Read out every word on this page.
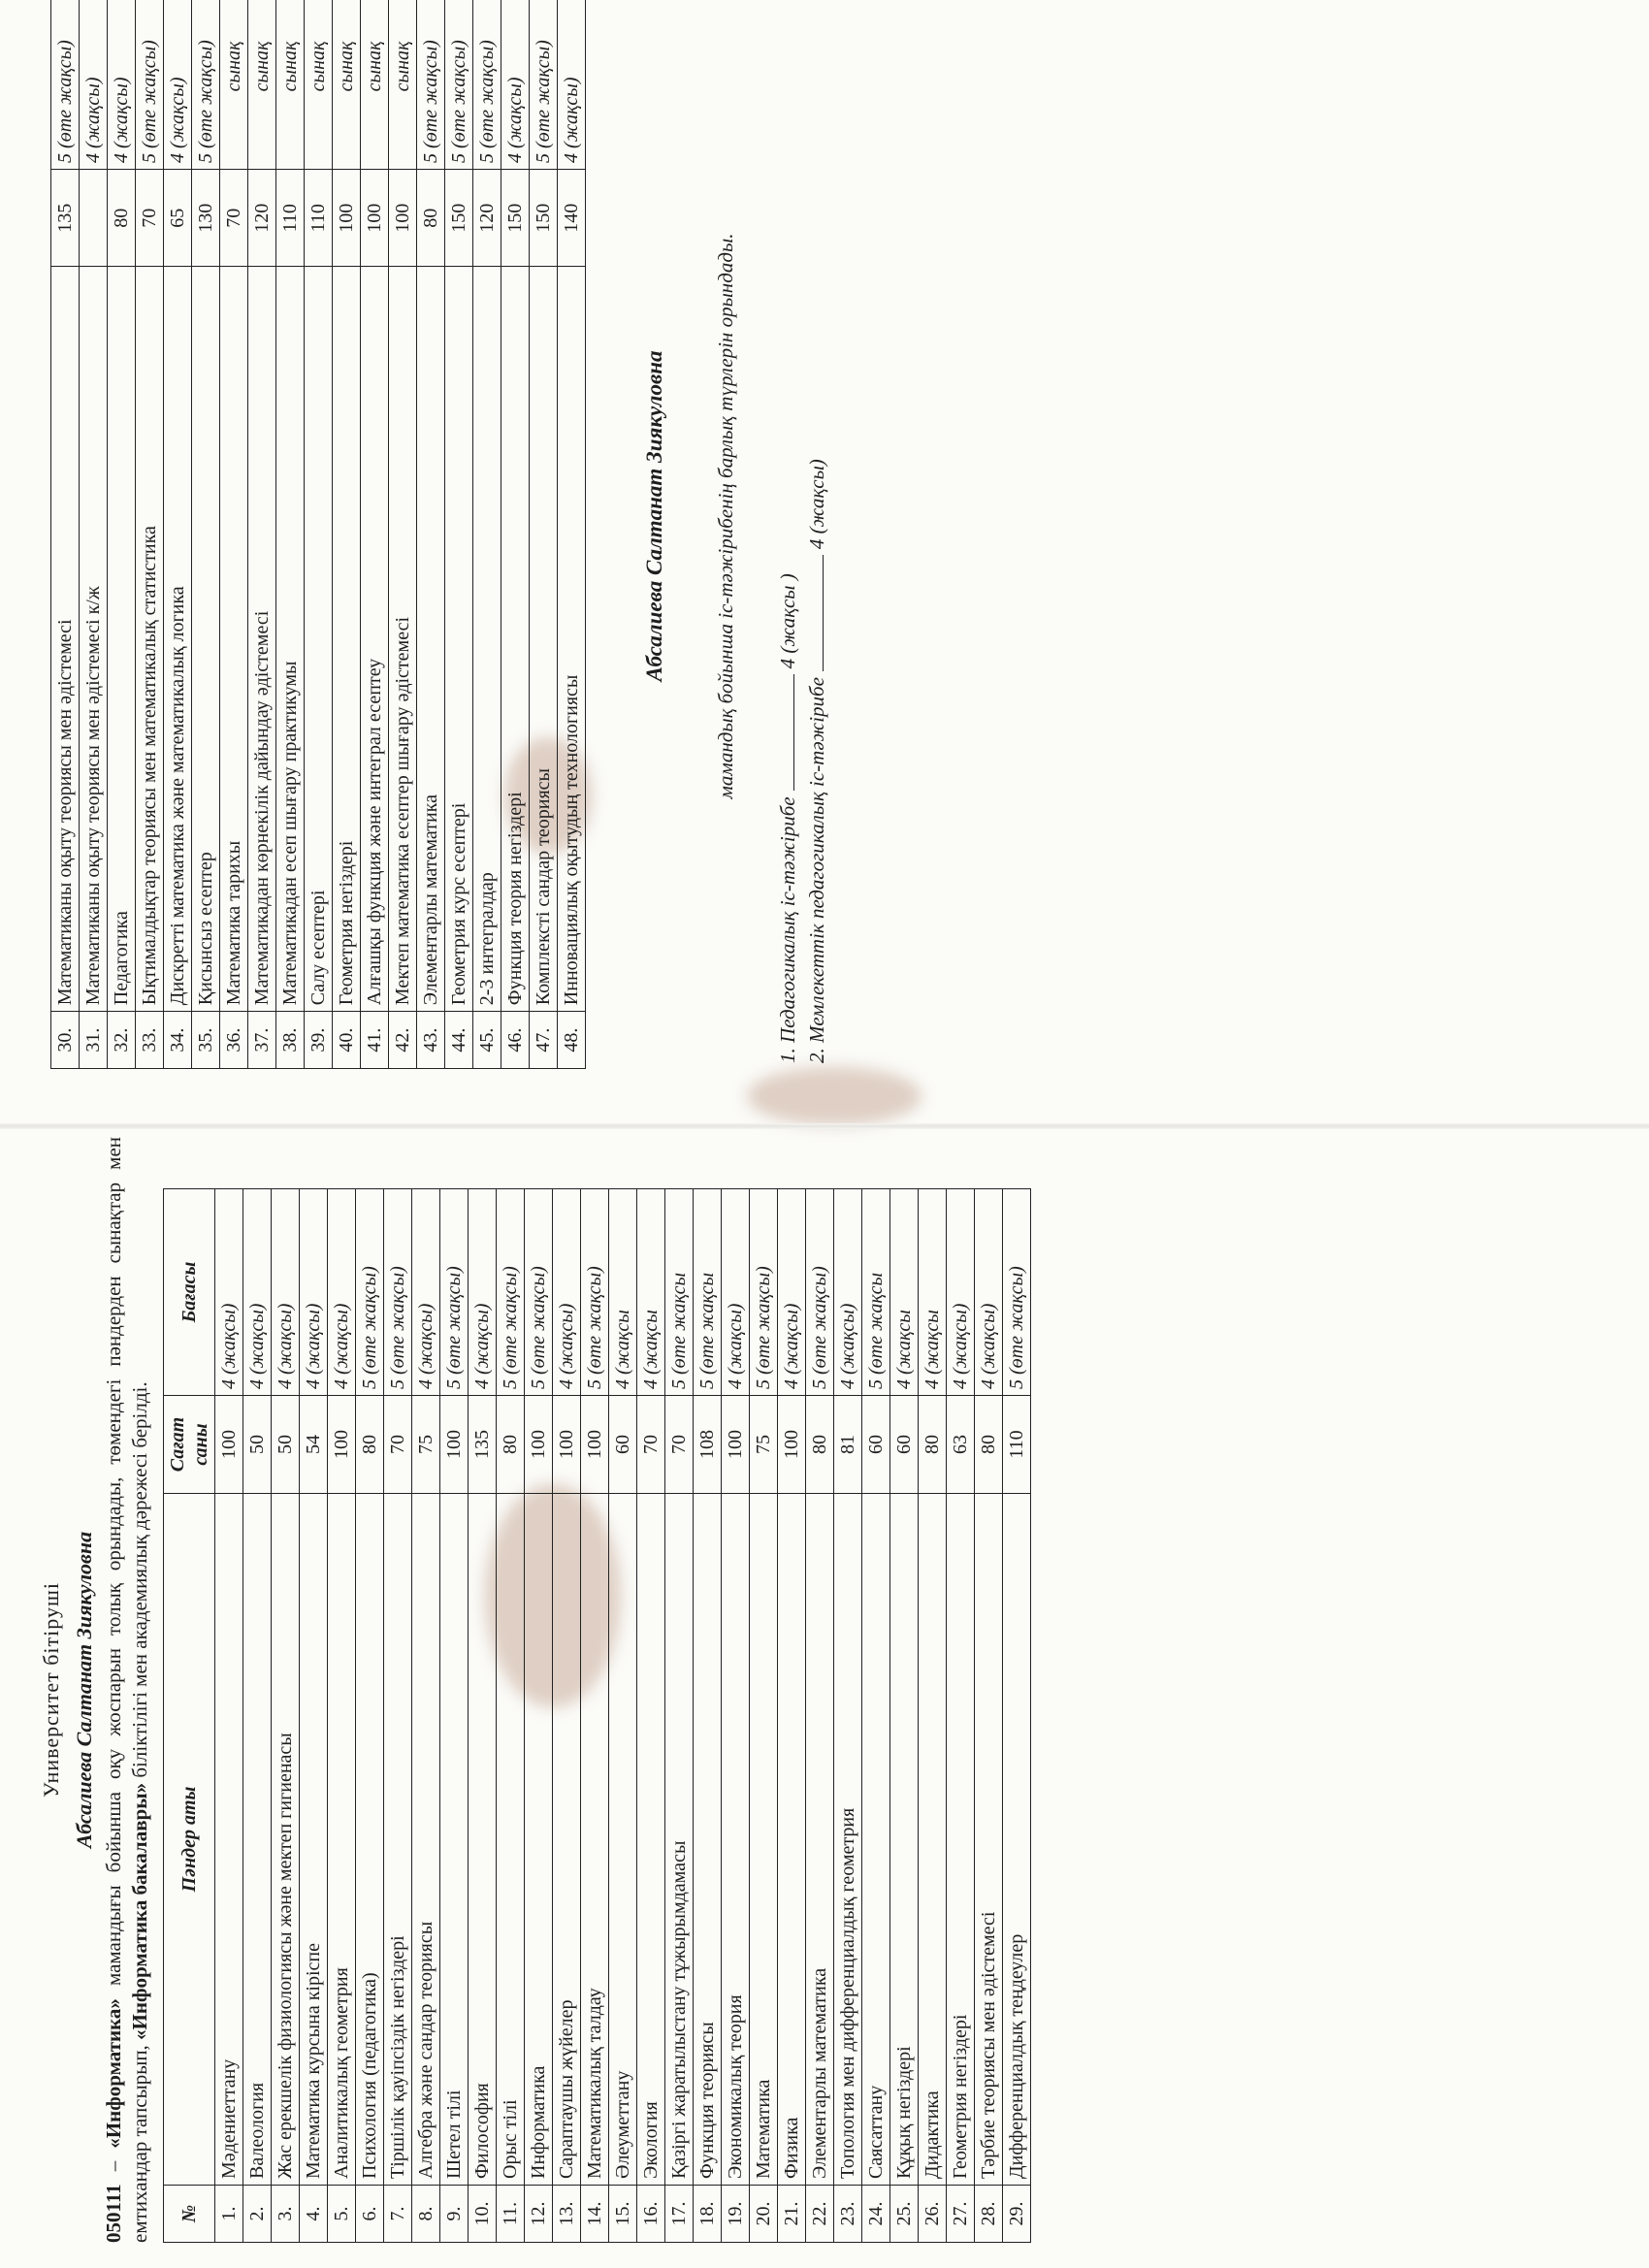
Университет бітіруші Абсалиева Салтанат Зиякуловна

050111 – «Информатика» мамандығы бойынша оқу жоспарын толық орындады, төмендегі пәндерден сынақтар мен емтихандар тапсырып, «Информатика бакалавры» біліктілігі мен академиялық дәрежесі берілді.

№	Пәндер аты	Сағат саны	Бағасы
1.	Мәдениеттану	100	4 (жақсы)
2.	Валеология	50	4 (жақсы)
3.	Жас ерекшелік физиологиясы және мектеп гигиенасы	50	4 (жақсы)
4.	Математика курсына кіріспе	54	4 (жақсы)
5.	Аналитикалық геометрия	100	4 (жақсы)
6.	Психология (педагогика)	80	5 (өте жақсы)
7.	Тіршілік қауіпсіздік негіздері	70	5 (өте жақсы)
8.	Алгебра және сандар теориясы	75	4 (жақсы)
9.	Шетел тілі	100	5 (өте жақсы)
10.	Философия	135	4 (жақсы)
11.	Орыс тілі	80	5 (өте жақсы)
12.	Информатика	100	5 (өте жақсы)
13.	Сараптаушы жүйелер	100	4 (жақсы)
14.	Математикалық талдау	100	5 (өте жақсы)
15.	Әлеуметтану	60	4 (жақсы
16.	Экология	70	4 (жақсы
17.	Қазіргі жаратылыстану тұжырымдамасы	70	5 (өте жақсы
18.	Функция теориясы	108	5 (өте жақсы
19.	Экономикалық теория	100	4 (жақсы)
20.	Математика	75	5 (өте жақсы)
21.	Физика	100	4 (жақсы)
22.	Элементарлы математика	80	5 (өте жақсы)
23.	Топология мен дифференциалдық геометрия	81	4 (жақсы)
24.	Саясаттану	60	5 (өте жақсы
25.	Құқық негіздері	60	4 (жақсы
26.	Дидактика	80	4 (жақсы
27.	Геометрия негіздері	63	4 (жақсы)
28.	Тәрбие теориясы мен әдістемесі	80	4 (жақсы)
29.	Дифференциалдық теңдеулер	110	5 (өте жақсы)
30.	Математиканы оқыту теориясы мен әдістемесі	135	5 (өте жақсы)
31.	Математиканы оқыту теориясы мен әдістемесі к/ж		4 (жақсы)
32.	Педагогика	80	4 (жақсы)
33.	Ықтималдықтар теориясы мен математикалық статистика	70	5 (өте жақсы)
34.	Дискретті математика және математикалық логика	65	4 (жақсы)
35.	Қисынсыз есептер	130	5 (өте жақсы)
36.	Математика тарихы	70	сынақ
37.	Математикадан көрнекілік дайындау әдістемесі	120	сынақ
38.	Математикадан есеп шығару практикумы	110	сынақ
39.	Салу есептері	110	сынақ
40.	Геометрия негіздері	100	сынақ
41.	Алғашқы функция және интеграл есептеу	100	сынақ
42.	Мектеп математика есептер шығару әдістемесі	100	сынақ
43.	Элементарлы математика	80	5 (өте жақсы)
44.	Геометрия курс есептері	150	5 (өте жақсы)
45.	2-3 интегралдар	120	5 (өте жақсы)
46.	Функция теория негіздері	150	4 (жақсы)
47.	Комплексті сандар теориясы	150	5 (өте жақсы)
48.	Инновациялық оқытудың технологиясы	140	4 (жақсы)
Абсалиева Салтанат Зиякуловна мамандық бойынша іс-тәжірибенің барлық түрлерін орындады.
1. Педагогикалық іс-тәжірибе4 (жақсы )
2. Мемлекеттік педагогикалық іс-тәжірибе4 (жақсы)
